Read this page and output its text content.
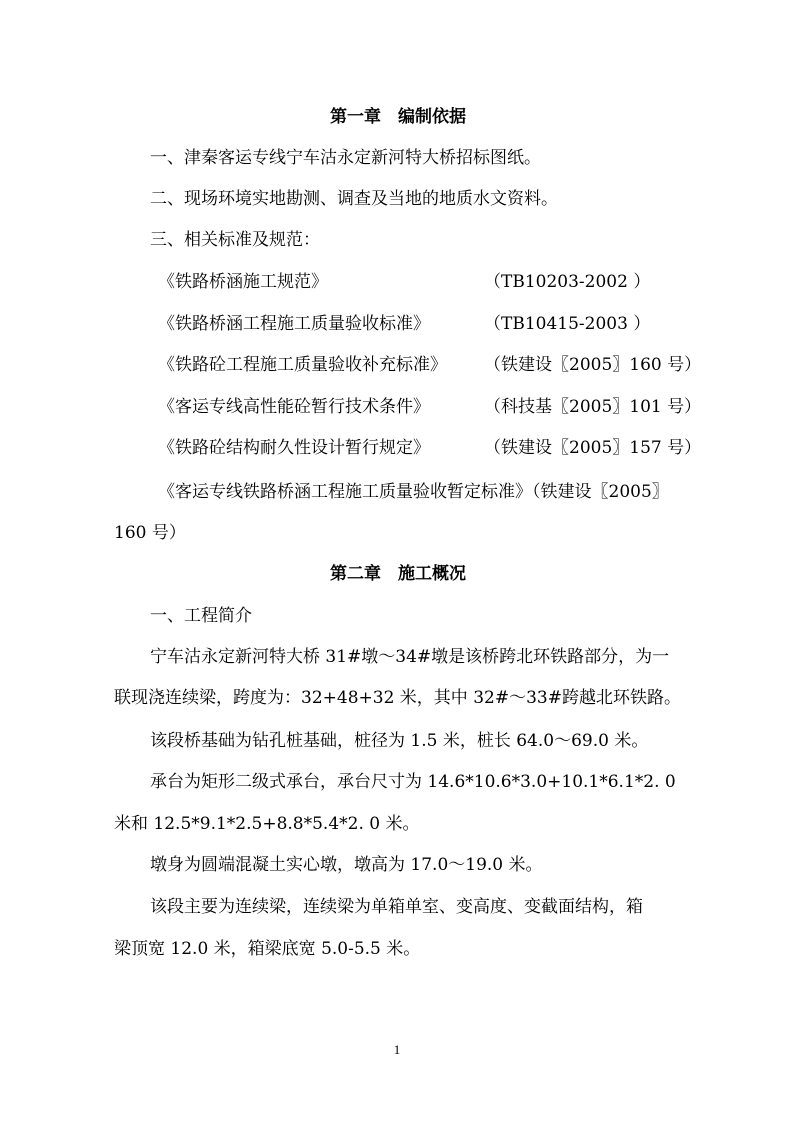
第一章　编制依据
一、津秦客运专线宁车沽永定新河特大桥招标图纸。
二、现场环境实地勘测、调查及当地的地质水文资料。
三、相关标准及规范：
《铁路桥涵施工规范》	（TB10203-2002 ）
《铁路桥涵工程施工质量验收标准》	（TB10415-2003 ）
《铁路砼工程施工质量验收补充标准》 （铁建设〖2005〗160 号）
《客运专线高性能砼暂行技术条件》	（科技基〖2005〗101 号）
《铁路砼结构耐久性设计暂行规定》	（铁建设〖2005〗157 号）
《客运专线铁路桥涵工程施工质量验收暂定标准》（铁建设〖2005〗
160 号）
第二章　施工概况
一、工程简介
宁车沽永定新河特大桥 31#墩～34#墩是该桥跨北环铁路部分，为一
联现浇连续梁，跨度为：32+48+32 米，其中 32#～33#跨越北环铁路。
该段桥基础为钻孔桩基础，桩径为 1.5 米，桩长 64.0～69.0 米。
承台为矩形二级式承台，承台尺寸为 14.6*10.6*3.0+10.1*6.1*2. 0
米和 12.5*9.1*2.5+8.8*5.4*2. 0 米。
墩身为圆端混凝土实心墩，墩高为 17.0～19.0 米。
该段主要为连续梁，连续梁为单箱单室、变高度、变截面结构，箱
梁顶宽 12.0 米，箱梁底宽 5.0-5.5 米。
1
